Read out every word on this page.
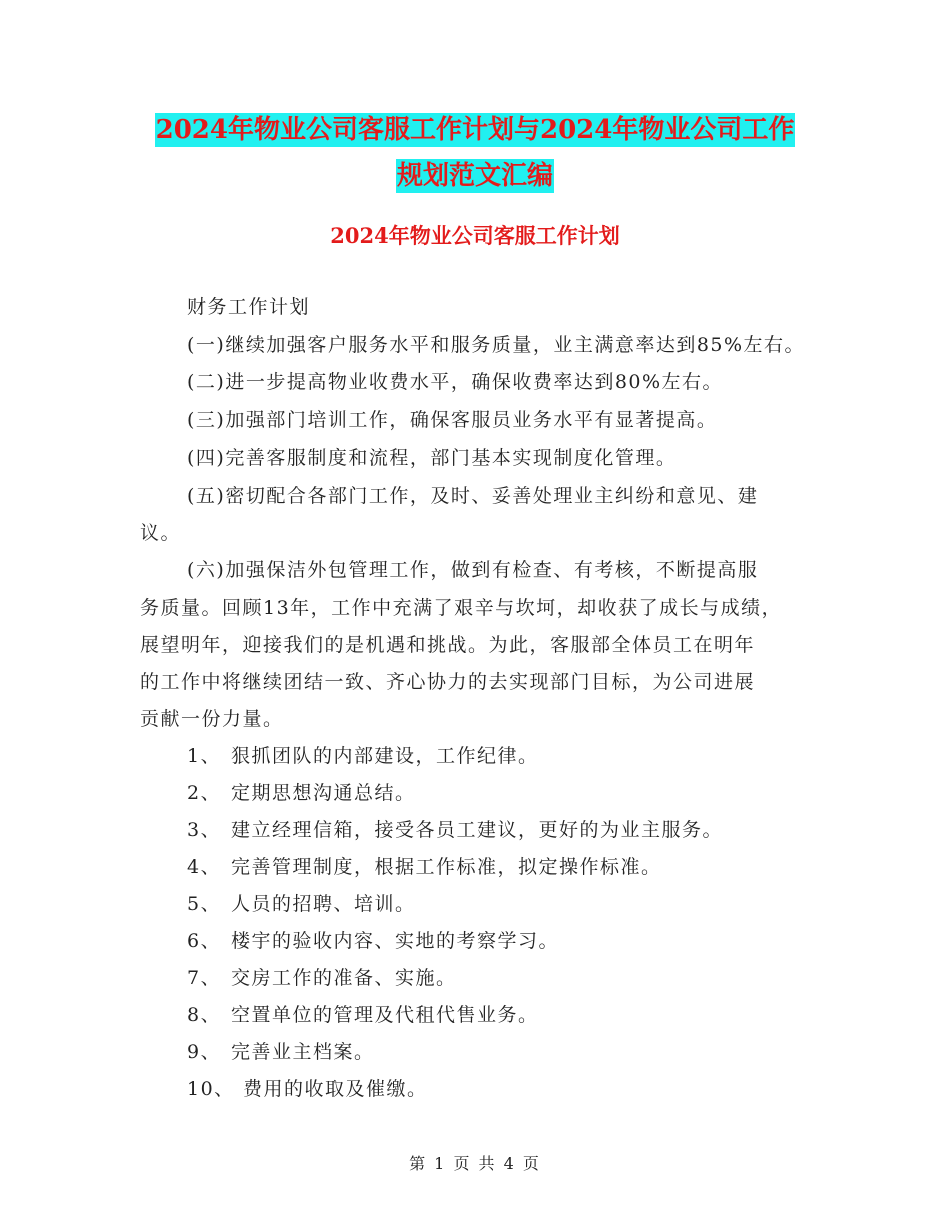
2024年物业公司客服工作计划与2024年物业公司工作
规划范文汇编
2024年物业公司客服工作计划
财务工作计划
(一)继续加强客户服务水平和服务质量，业主满意率达到85%左右。
(二)进一步提高物业收费水平，确保收费率达到80%左右。
(三)加强部门培训工作，确保客服员业务水平有显著提高。
(四)完善客服制度和流程，部门基本实现制度化管理。
(五)密切配合各部门工作，及时、妥善处理业主纠纷和意见、建
议。
(六)加强保洁外包管理工作，做到有检查、有考核，不断提高服
务质量。回顾13年，工作中充满了艰辛与坎坷，却收获了成长与成绩，
展望明年，迎接我们的是机遇和挑战。为此，客服部全体员工在明年
的工作中将继续团结一致、齐心协力的去实现部门目标，为公司进展
贡献一份力量。
1、 狠抓团队的内部建设，工作纪律。
2、 定期思想沟通总结。
3、 建立经理信箱，接受各员工建议，更好的为业主服务。
4、 完善管理制度，根据工作标准，拟定操作标准。
5、 人员的招聘、培训。
6、 楼宇的验收内容、实地的考察学习。
7、 交房工作的准备、实施。
8、 空置单位的管理及代租代售业务。
9、 完善业主档案。
10、 费用的收取及催缴。
第 1 页 共 4 页
